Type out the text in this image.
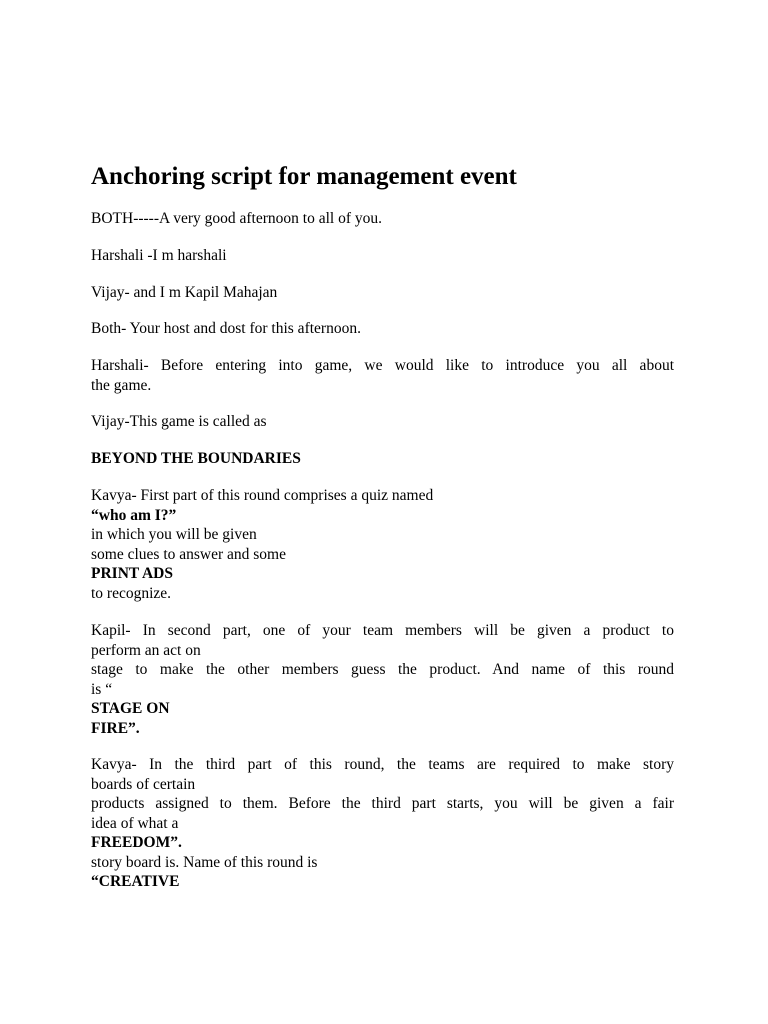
Anchoring script for management event

BOTH-----A very good afternoon to all of you.

Harshali -I m harshali

Vijay- and I m Kapil Mahajan

Both- Your host and dost for this afternoon.

Harshali- Before entering into game, we would like to introduce you all about
the game.

Vijay-This game is called as

BEYOND THE BOUNDARIES

Kavya- First part of this round comprises a quiz named
“who am I?”
in which you will be given
some clues to answer and some
PRINT ADS
to recognize.
Kapil- In second part, one of your team members will be given a product to
perform an act on
stage to make the other members guess the product. And name of this round
is “
STAGE ON
FIRE”.
Kavya- In the third part of this round, the teams are required to make story
boards of certain
products assigned to them. Before the third part starts, you will be given a fair
idea of what a
FREEDOM”.
story board is. Name of this round is
“CREATIVE
